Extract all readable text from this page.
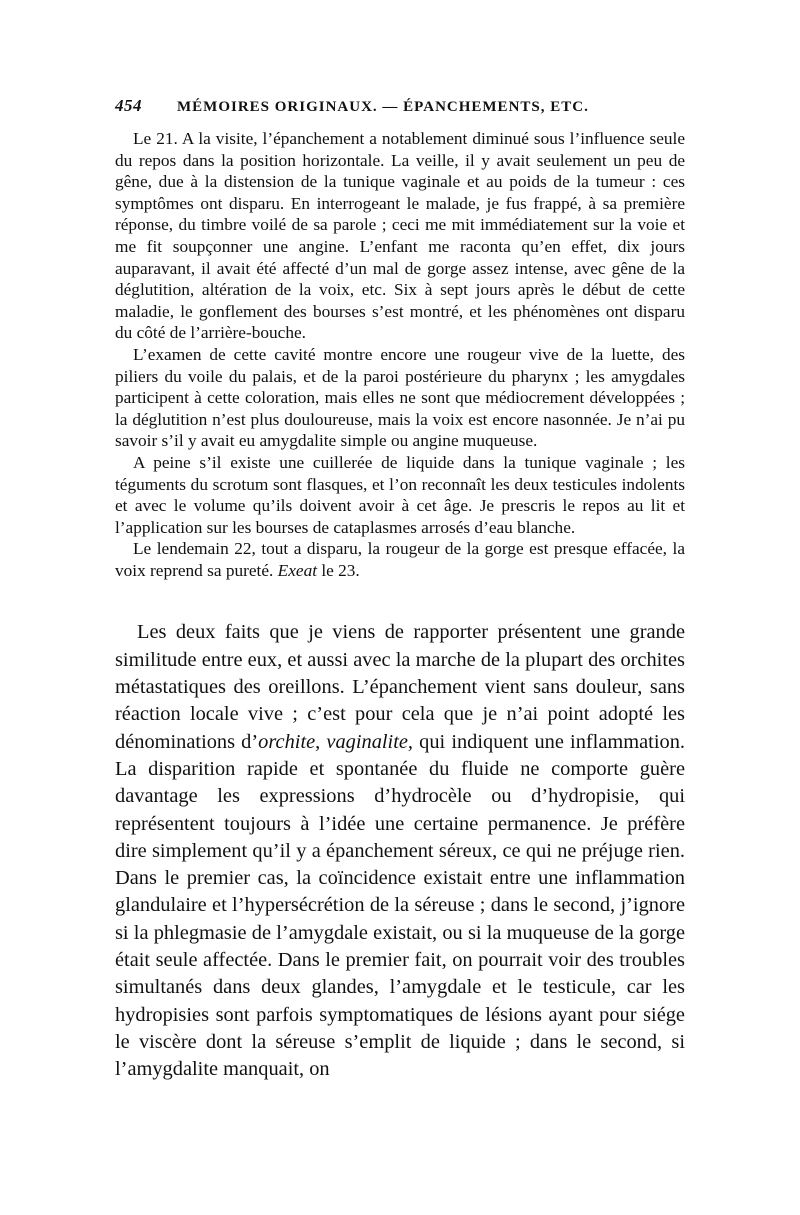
454	MÉMOIRES ORIGINAUX. — ÉPANCHEMENTS, ETC.

Le 21. A la visite, l’épanchement a notablement diminué sous l’influence seule du repos dans la position horizontale. La veille, il y avait seulement un peu de gêne, due à la distension de la tunique vaginale et au poids de la tumeur : ces symptômes ont disparu. En interrogeant le malade, je fus frappé, à sa première réponse, du timbre voilé de sa parole ; ceci me mit immédiatement sur la voie et me fit soupçonner une angine. L’enfant me raconta qu’en effet, dix jours auparavant, il avait été affecté d’un mal de gorge assez intense, avec gêne de la déglutition, altération de la voix, etc. Six à sept jours après le début de cette maladie, le gonflement des bourses s’est montré, et les phénomènes ont disparu du côté de l’arrière-bouche.

L’examen de cette cavité montre encore une rougeur vive de la luette, des piliers du voile du palais, et de la paroi postérieure du pharynx ; les amygdales participent à cette coloration, mais elles ne sont que médiocrement développées ; la déglutition n’est plus douloureuse, mais la voix est encore nasonnée. Je n’ai pu savoir s’il y avait eu amygdalite simple ou angine muqueuse.

A peine s’il existe une cuillerée de liquide dans la tunique vaginale ; les téguments du scrotum sont flasques, et l’on reconnaît les deux testicules indolents et avec le volume qu’ils doivent avoir à cet âge. Je prescris le repos au lit et l’application sur les bourses de cataplasmes arrosés d’eau blanche.

Le lendemain 22, tout a disparu, la rougeur de la gorge est presque effacée, la voix reprend sa pureté. Exeat le 23.

Les deux faits que je viens de rapporter présentent une grande similitude entre eux, et aussi avec la marche de la plupart des orchites métastatiques des oreillons. L’épanchement vient sans douleur, sans réaction locale vive ; c’est pour cela que je n’ai point adopté les dénominations d’orchite, vaginalite, qui indiquent une inflammation. La disparition rapide et spontanée du fluide ne comporte guère davantage les expressions d’hydrocèle ou d’hydropisie, qui représentent toujours à l’idée une certaine permanence. Je préfère dire simplement qu’il y a épanchement séreux, ce qui ne préjuge rien. Dans le premier cas, la coïncidence existait entre une inflammation glandulaire et l’hypersécrétion de la séreuse ; dans le second, j’ignore si la phlegmasie de l’amygdale existait, ou si la muqueuse de la gorge était seule affectée. Dans le premier fait, on pourrait voir des troubles simultanés dans deux glandes, l’amygdale et le testicule, car les hydropisies sont parfois symptomatiques de lésions ayant pour siége le viscère dont la séreuse s’emplit de liquide ; dans le second, si l’amygdalite manquait, on
